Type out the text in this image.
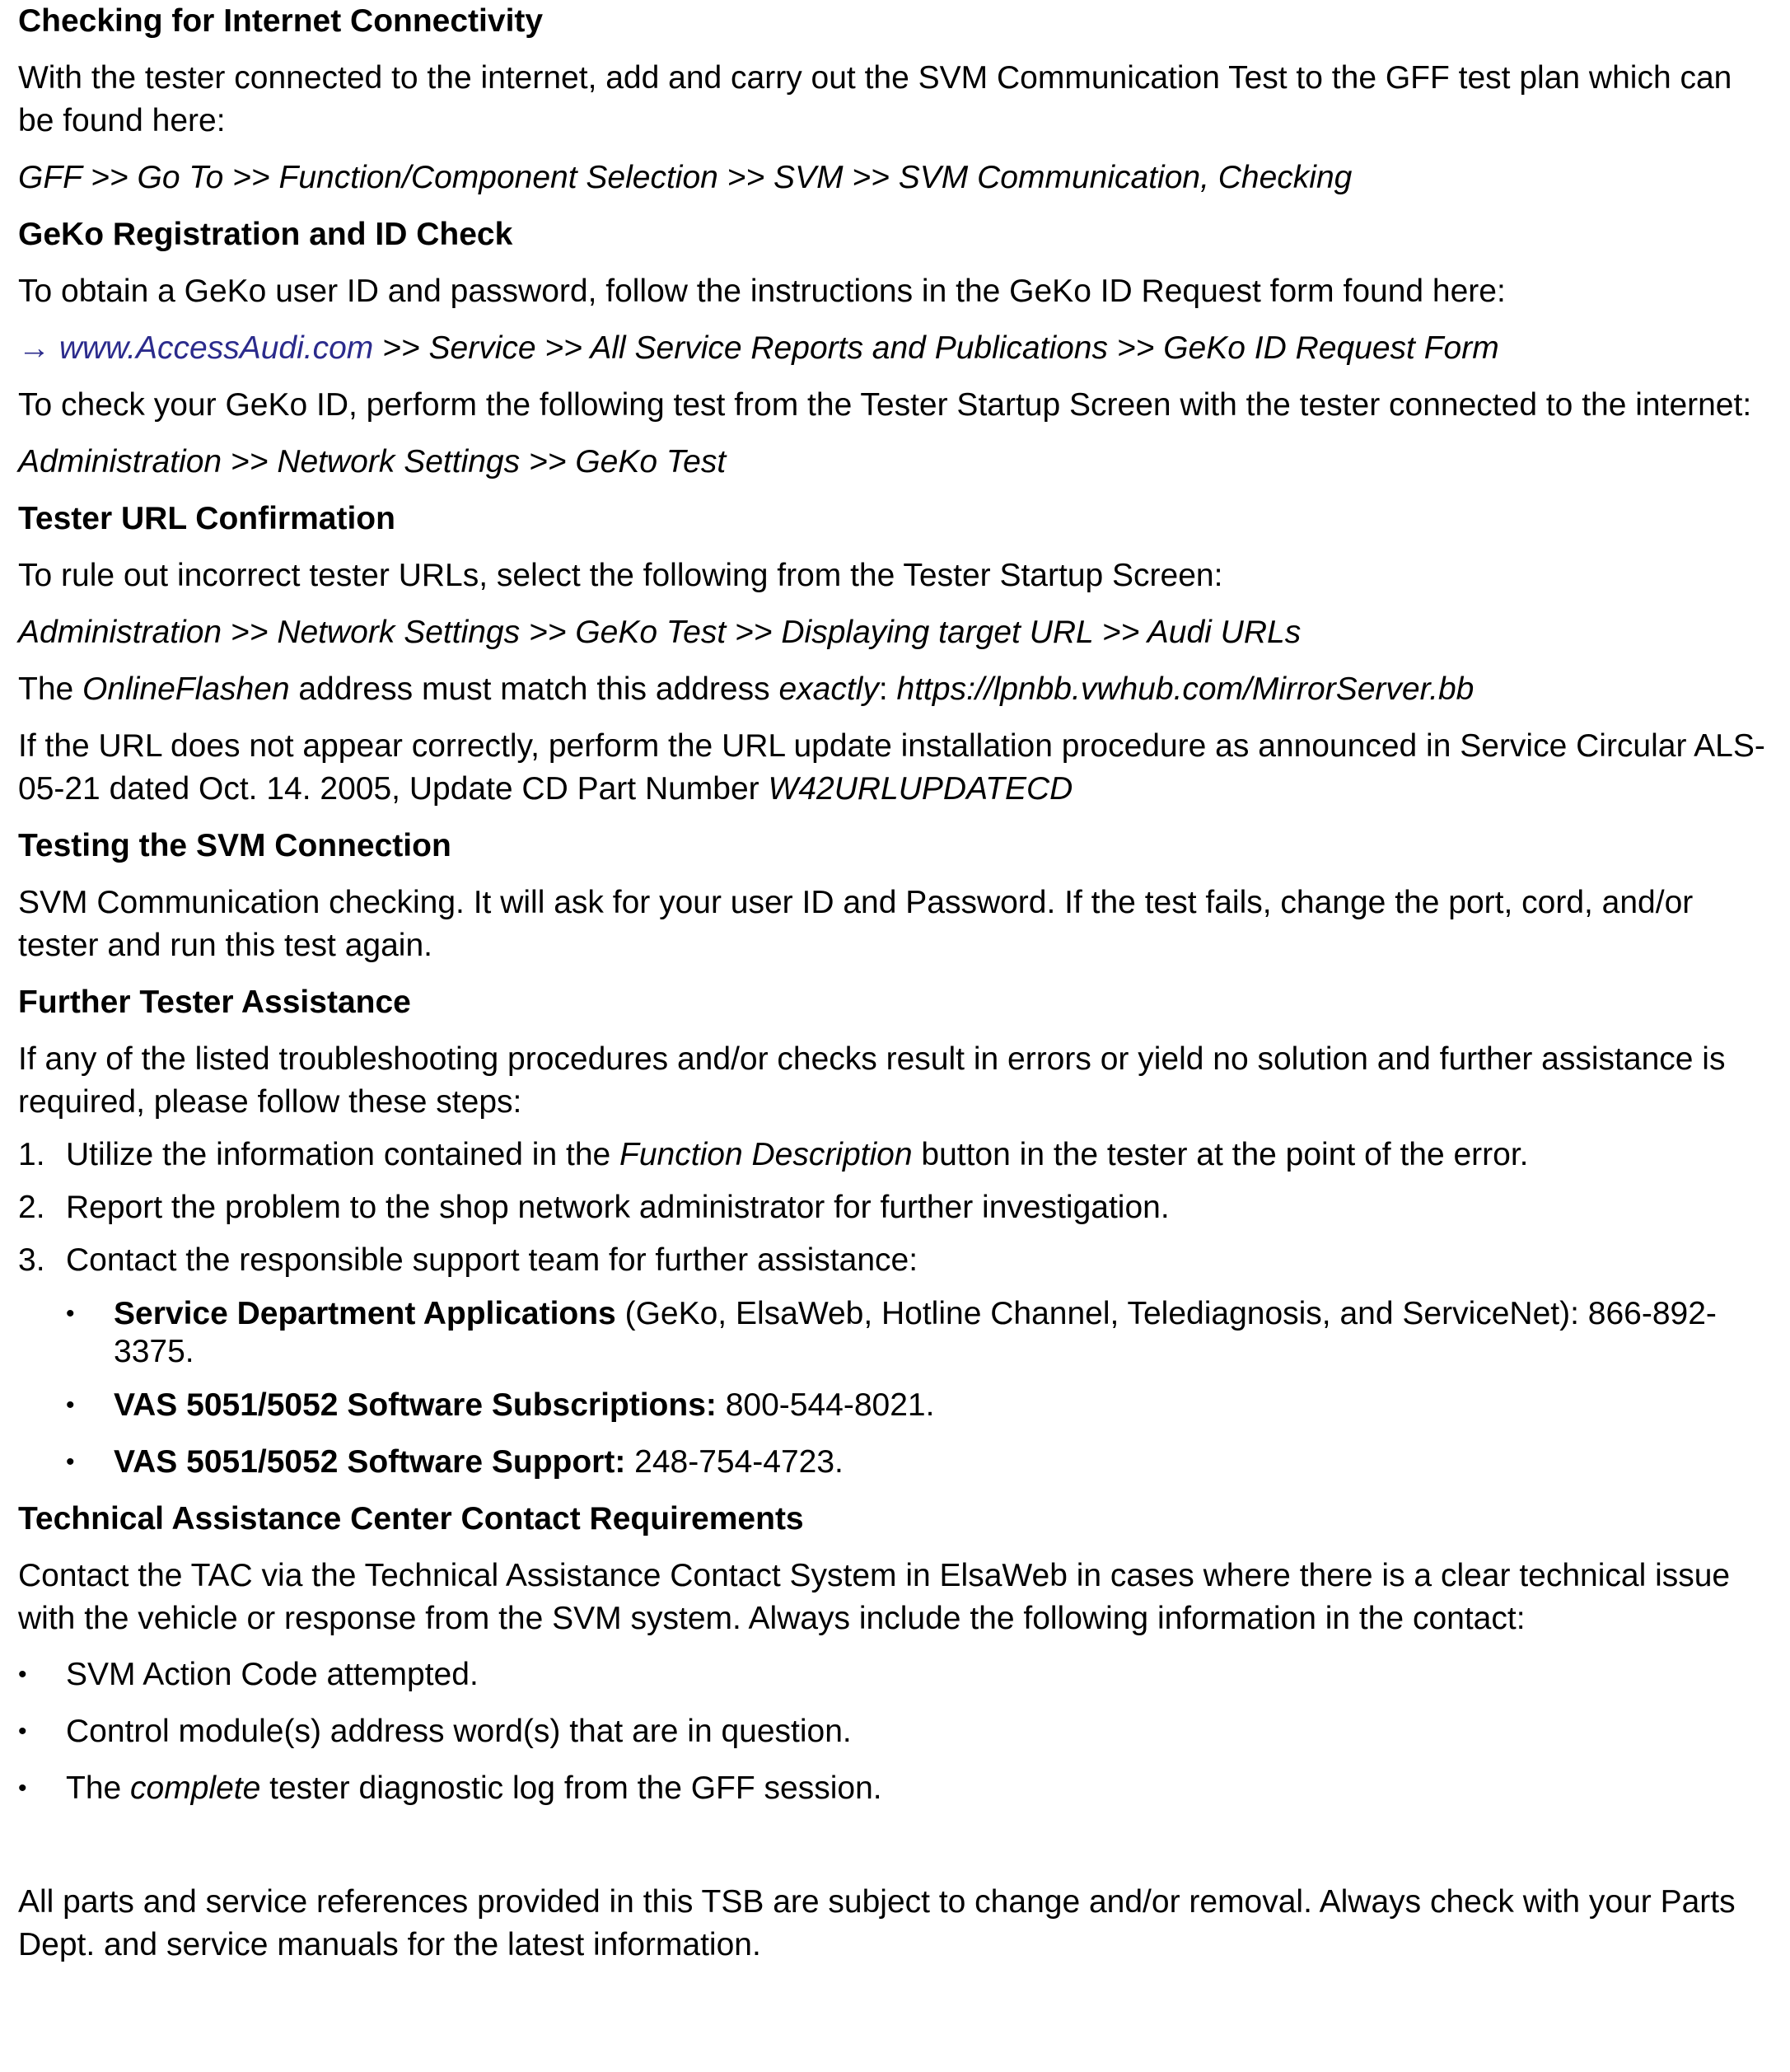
Checking for Internet Connectivity

With the tester connected to the internet, add and carry out the SVM Communication Test to the GFF test plan which can be found here:

GFF >> Go To >> Function/Component Selection >> SVM >> SVM Communication, Checking

GeKo Registration and ID Check

To obtain a GeKo user ID and password, follow the instructions in the GeKo ID Request form found here:

→ www.AccessAudi.com >> Service >> All Service Reports and Publications >> GeKo ID Request Form

To check your GeKo ID, perform the following test from the Tester Startup Screen with the tester connected to the internet:

Administration >> Network Settings >> GeKo Test

Tester URL Confirmation

To rule out incorrect tester URLs, select the following from the Tester Startup Screen:

Administration >> Network Settings >> GeKo Test >> Displaying target URL >> Audi URLs

The OnlineFlashen address must match this address exactly: https://lpnbb.vwhub.com/MirrorServer.bb

If the URL does not appear correctly, perform the URL update installation procedure as announced in Service Circular ALS-05-21 dated Oct. 14. 2005, Update CD Part Number W42URLUPDATECD

Testing the SVM Connection

SVM Communication checking. It will ask for your user ID and Password. If the test fails, change the port, cord, and/or tester and run this test again.

Further Tester Assistance

If any of the listed troubleshooting procedures and/or checks result in errors or yield no solution and further assistance is required, please follow these steps:

1. Utilize the information contained in the Function Description button in the tester at the point of the error.
2. Report the problem to the shop network administrator for further investigation.
3. Contact the responsible support team for further assistance:
• Service Department Applications (GeKo, ElsaWeb, Hotline Channel, Telediagnosis, and ServiceNet): 866-892-3375.
• VAS 5051/5052 Software Subscriptions: 800-544-8021.
• VAS 5051/5052 Software Support: 248-754-4723.
Technical Assistance Center Contact Requirements

Contact the TAC via the Technical Assistance Contact System in ElsaWeb in cases where there is a clear technical issue with the vehicle or response from the SVM system. Always include the following information in the contact:

• SVM Action Code attempted.
• Control module(s) address word(s) that are in question.
• The complete tester diagnostic log from the GFF session.

All parts and service references provided in this TSB are subject to change and/or removal. Always check with your Parts Dept. and service manuals for the latest information.
